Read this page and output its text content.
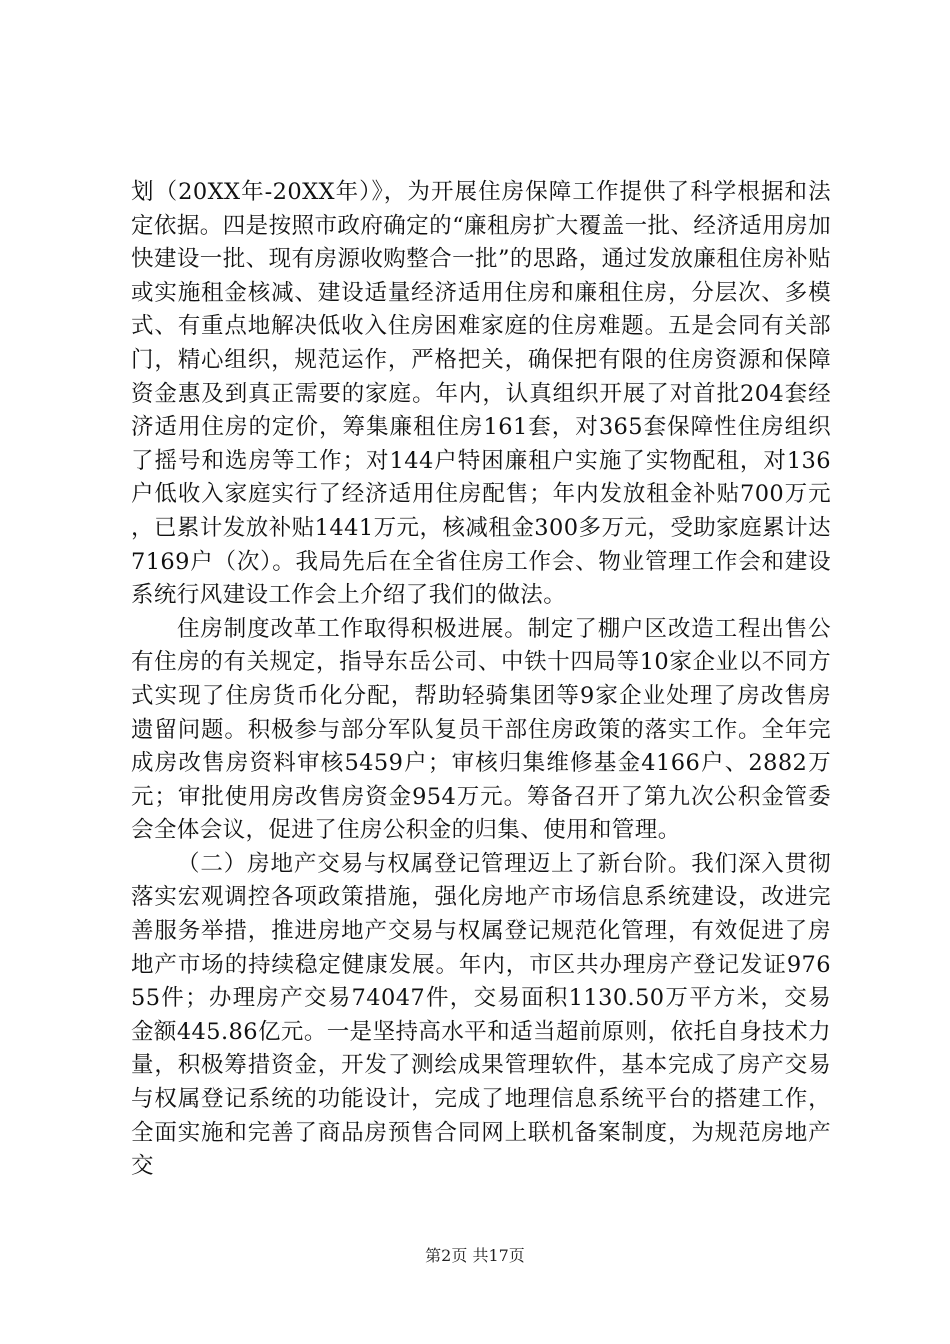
划（20XX年-20XX年）》，为开展住房保障工作提供了科学根据和法定依据。四是按照市政府确定的“廉租房扩大覆盖一批、经济适用房加快建设一批、现有房源收购整合一批”的思路，通过发放廉租住房补贴或实施租金核减、建设适量经济适用住房和廉租住房，分层次、多模式、有重点地解决低收入住房困难家庭的住房难题。五是会同有关部门，精心组织，规范运作，严格把关，确保把有限的住房资源和保障资金惠及到真正需要的家庭。年内，认真组织开展了对首批204套经济适用住房的定价，筹集廉租住房161套，对365套保障性住房组织了摇号和选房等工作；对144户特困廉租户实施了实物配租，对136户低收入家庭实行了经济适用住房配售；年内发放租金补贴700万元，已累计发放补贴1441万元，核减租金300多万元，受助家庭累计达7169户（次）。我局先后在全省住房工作会、物业管理工作会和建设系统行风建设工作会上介绍了我们的做法。

住房制度改革工作取得积极进展。制定了棚户区改造工程出售公有住房的有关规定，指导东岳公司、中铁十四局等10家企业以不同方式实现了住房货币化分配，帮助轻骑集团等9家企业处理了房改售房遗留问题。积极参与部分军队复员干部住房政策的落实工作。全年完成房改售房资料审核5459户；审核归集维修基金4166户、2882万元；审批使用房改售房资金954万元。筹备召开了第九次公积金管委会全体会议，促进了住房公积金的归集、使用和管理。

（二）房地产交易与权属登记管理迈上了新台阶。我们深入贯彻落实宏观调控各项政策措施，强化房地产市场信息系统建设，改进完善服务举措，推进房地产交易与权属登记规范化管理，有效促进了房地产市场的持续稳定健康发展。年内，市区共办理房产登记发证97655件；办理房产交易74047件，交易面积1130.50万平方米，交易金额445.86亿元。一是坚持高水平和适当超前原则，依托自身技术力量，积极筹措资金，开发了测绘成果管理软件，基本完成了房产交易与权属登记系统的功能设计，完成了地理信息系统平台的搭建工作，全面实施和完善了商品房预售合同网上联机备案制度，为规范房地产交

第2页 共17页
